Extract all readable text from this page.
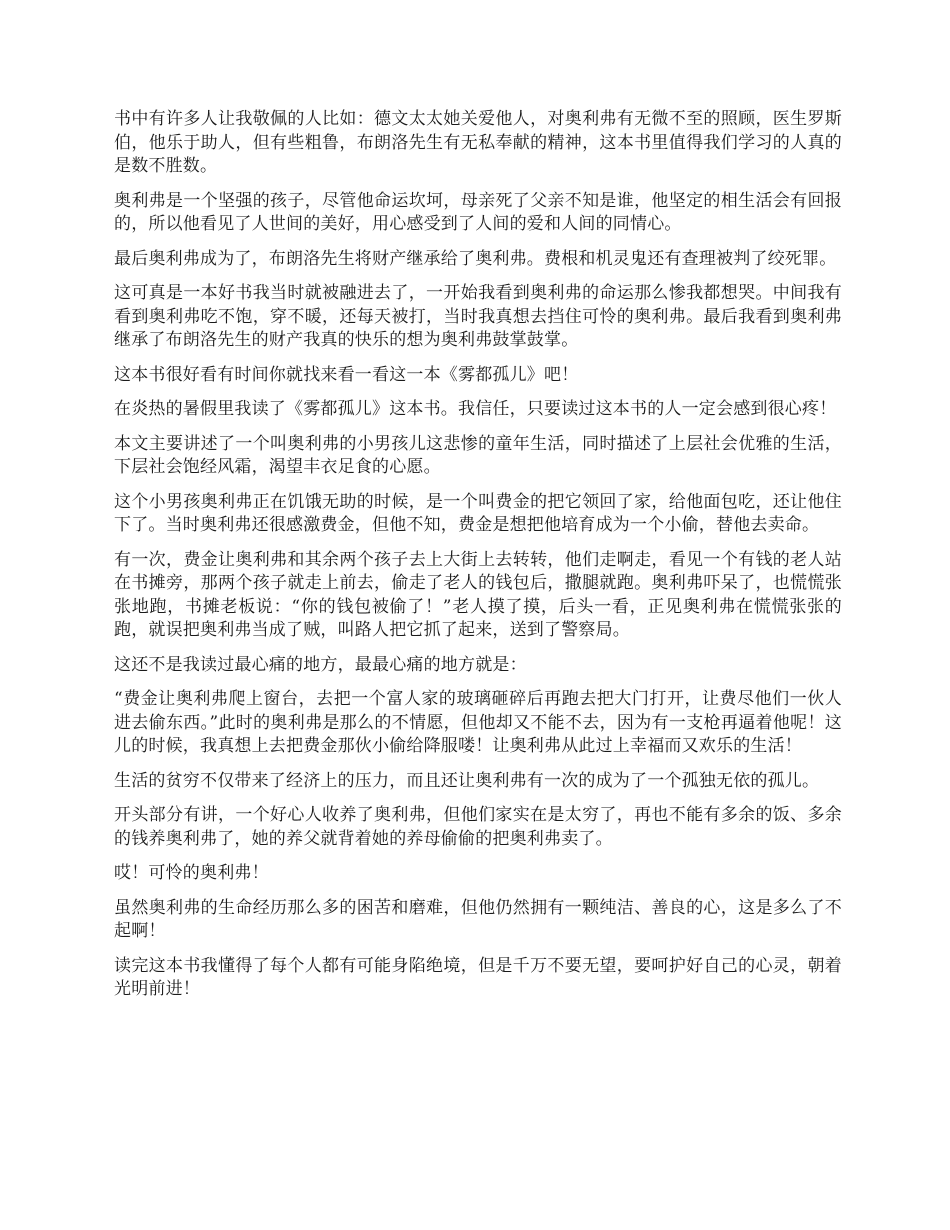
书中有许多人让我敬佩的人比如：德文太太她关爱他人，对奥利弗有无微不至的照顾，医生罗斯伯，他乐于助人，但有些粗鲁，布朗洛先生有无私奉献的精神，这本书里值得我们学习的人真的是数不胜数。

奥利弗是一个坚强的孩子，尽管他命运坎坷，母亲死了父亲不知是谁，他坚定的相生活会有回报的，所以他看见了人世间的美好，用心感受到了人间的爱和人间的同情心。

最后奥利弗成为了，布朗洛先生将财产继承给了奥利弗。费根和机灵鬼还有查理被判了绞死罪。

这可真是一本好书我当时就被融进去了，一开始我看到奥利弗的命运那么惨我都想哭。中间我有看到奥利弗吃不饱，穿不暖，还每天被打，当时我真想去挡住可怜的奥利弗。最后我看到奥利弗继承了布朗洛先生的财产我真的快乐的想为奥利弗鼓掌鼓掌。

这本书很好看有时间你就找来看一看这一本《雾都孤儿》吧！

在炎热的暑假里我读了《雾都孤儿》这本书。我信任，只要读过这本书的人一定会感到很心疼！

本文主要讲述了一个叫奥利弗的小男孩儿这悲惨的童年生活，同时描述了上层社会优雅的生活，下层社会饱经风霜，渴望丰衣足食的心愿。

这个小男孩奥利弗正在饥饿无助的时候，是一个叫费金的把它领回了家，给他面包吃，还让他住下了。当时奥利弗还很感激费金，但他不知，费金是想把他培育成为一个小偷，替他去卖命。

有一次，费金让奥利弗和其余两个孩子去上大街上去转转，他们走啊走，看见一个有钱的老人站在书摊旁，那两个孩子就走上前去，偷走了老人的钱包后，撒腿就跑。奥利弗吓呆了，也慌慌张张地跑，书摊老板说：“你的钱包被偷了！”老人摸了摸，后头一看，正见奥利弗在慌慌张张的跑，就误把奥利弗当成了贼，叫路人把它抓了起来，送到了警察局。

这还不是我读过最心痛的地方，最最心痛的地方就是：

“费金让奥利弗爬上窗台，去把一个富人家的玻璃砸碎后再跑去把大门打开，让费尽他们一伙人进去偷东西。”此时的奥利弗是那么的不情愿，但他却又不能不去，因为有一支枪再逼着他呢！这儿的时候，我真想上去把费金那伙小偷给降服喽！让奥利弗从此过上幸福而又欢乐的生活！

生活的贫穷不仅带来了经济上的压力，而且还让奥利弗有一次的成为了一个孤独无依的孤儿。

开头部分有讲，一个好心人收养了奥利弗，但他们家实在是太穷了，再也不能有多余的饭、多余的钱养奥利弗了，她的养父就背着她的养母偷偷的把奥利弗卖了。

哎！可怜的奥利弗！

虽然奥利弗的生命经历那么多的困苦和磨难，但他仍然拥有一颗纯洁、善良的心，这是多么了不起啊！

读完这本书我懂得了每个人都有可能身陷绝境，但是千万不要无望，要呵护好自己的心灵，朝着光明前进！
